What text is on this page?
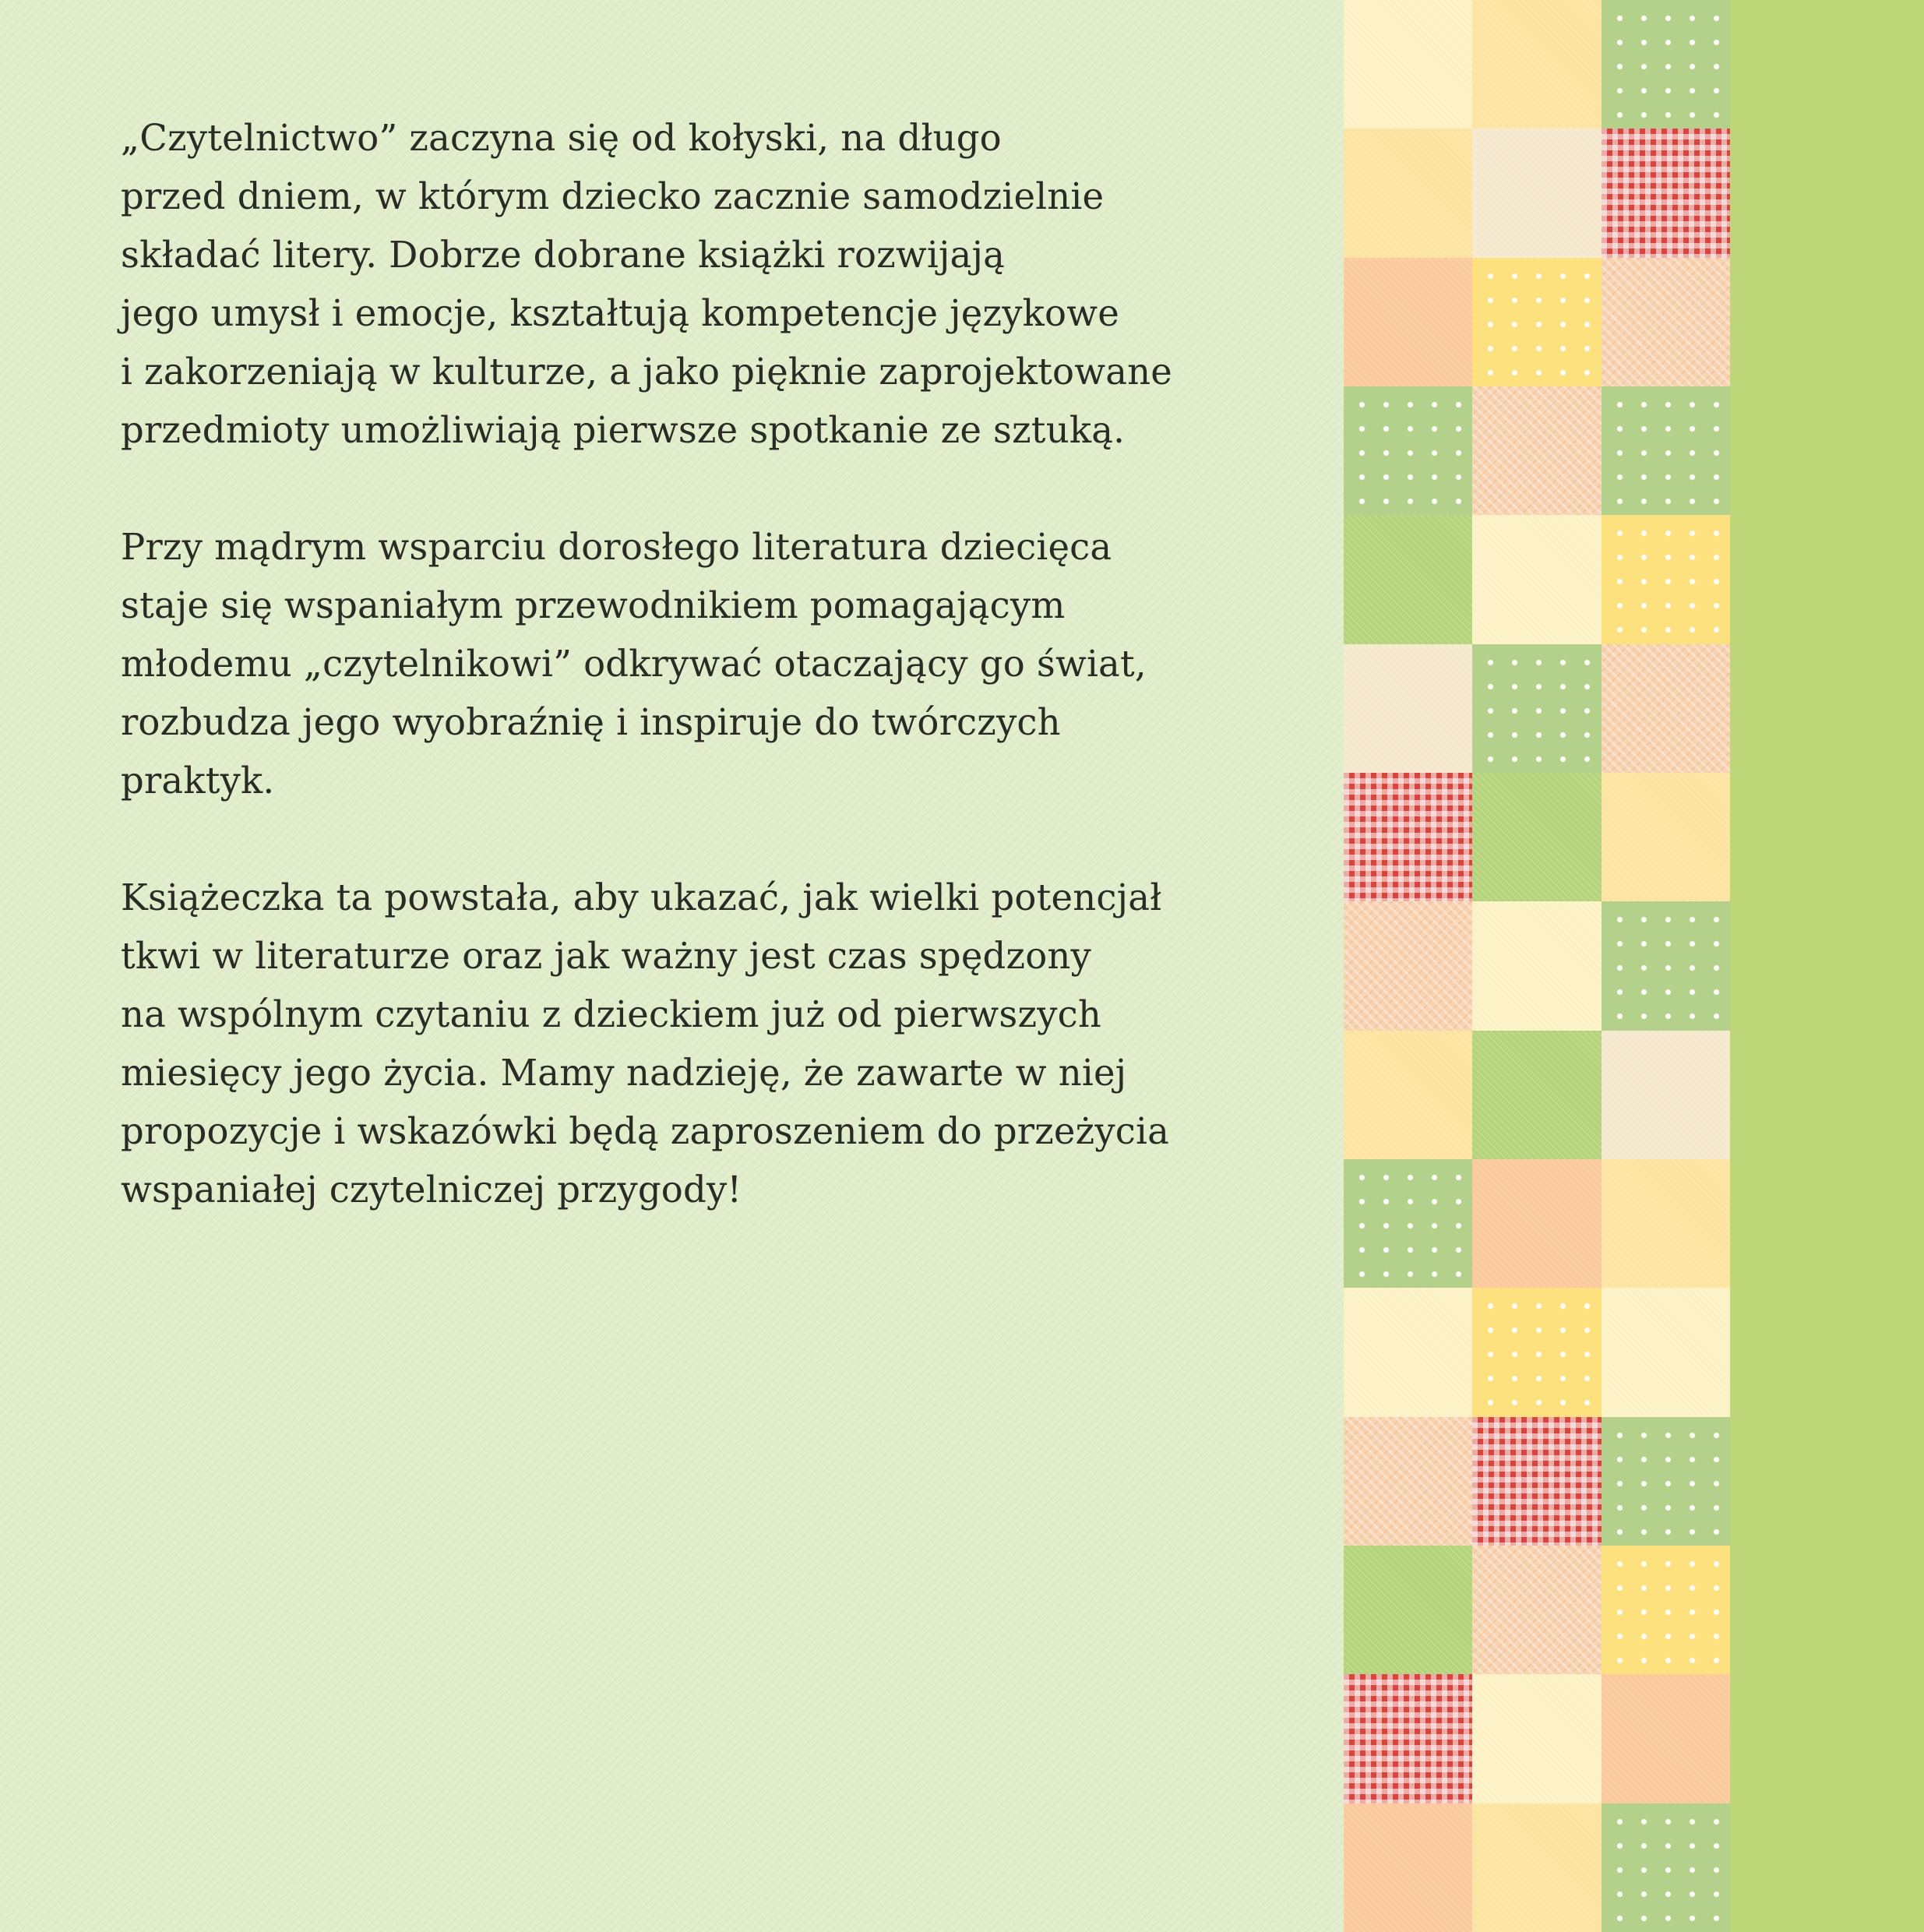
„Czytelnictwo” zaczyna się od kołyski, na długo
przed dniem, w którym dziecko zacznie samodzielnie
składać litery. Dobrze dobrane książki rozwijają
jego umysł i emocje, kształtują kompetencje językowe
i zakorzeniają w kulturze, a jako pięknie zaprojektowane
przedmioty umożliwiają pierwsze spotkanie ze sztuką.

Przy mądrym wsparciu dorosłego literatura dziecięca
staje się wspaniałym przewodnikiem pomagającym
młodemu „czytelnikowi” odkrywać otaczający go świat,
rozbudza jego wyobraźnię i inspiruje do twórczych
praktyk.

Książeczka ta powstała, aby ukazać, jak wielki potencjał
tkwi w literaturze oraz jak ważny jest czas spędzony
na wspólnym czytaniu z dzieckiem już od pierwszych
miesięcy jego życia. Mamy nadzieję, że zawarte w niej
propozycje i wskazówki będą zaproszeniem do przeżycia
wspaniałej czytelniczej przygody!
